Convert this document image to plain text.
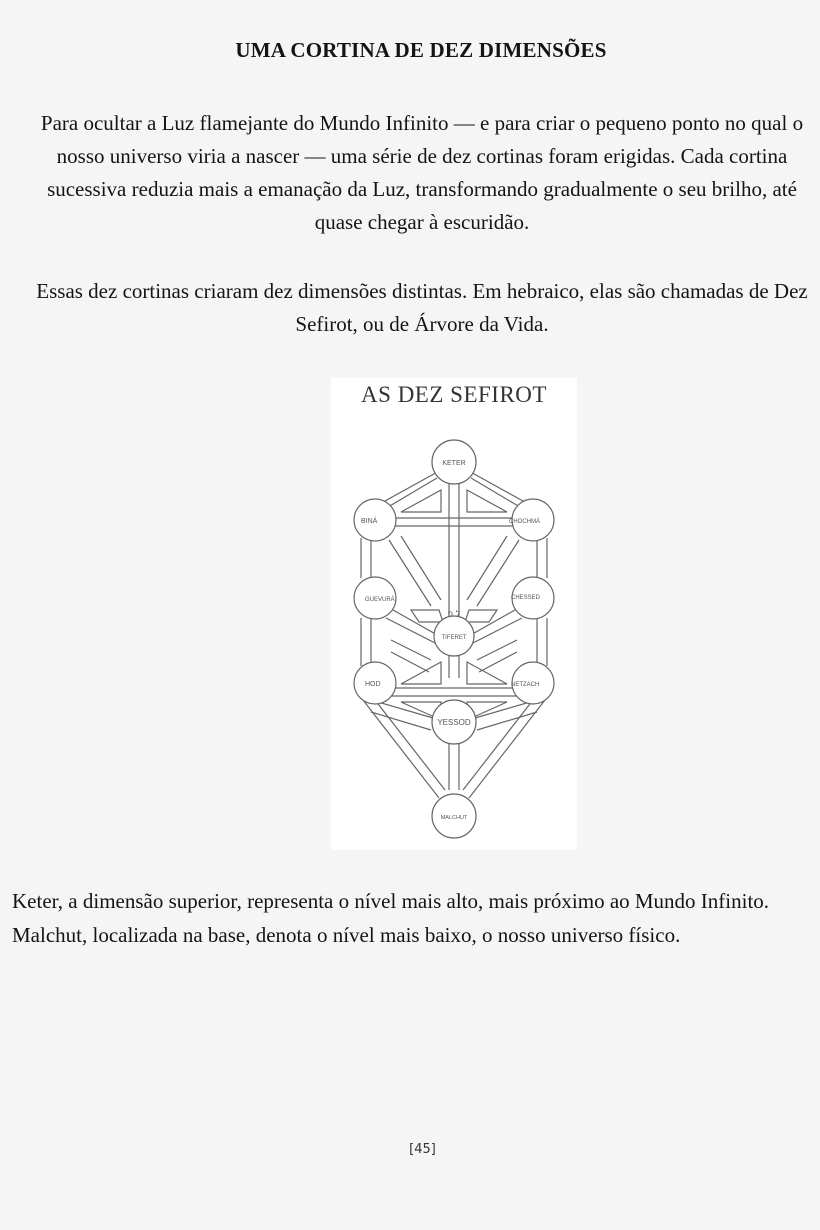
UMA CORTINA DE DEZ DIMENSÕES

Para ocultar a Luz flamejante do Mundo Infinito — e para criar o pequeno ponto no qual o nosso universo viria a nascer — uma série de dez cortinas foram erigidas. Cada cortina sucessiva reduzia mais a emanação da Luz, transformando gradualmente o seu brilho, até quase chegar à escuridão.

Essas dez cortinas criaram dez dimensões distintas. Em hebraico, elas são chamadas de Dez Sefirot, ou de Árvore da Vida.

AS DEZ SEFIROT
KETER
BINÁ	CHOCHMÁ
GUEVURÁ	CHESSED
TIFERET
HOD	NETZACH
YESSOD
MALCHUT
ל מ

Keter, a dimensão superior, representa o nível mais alto, mais próximo ao Mundo Infinito. Malchut, localizada na base, denota o nível mais baixo, o nosso universo físico.

[45]
